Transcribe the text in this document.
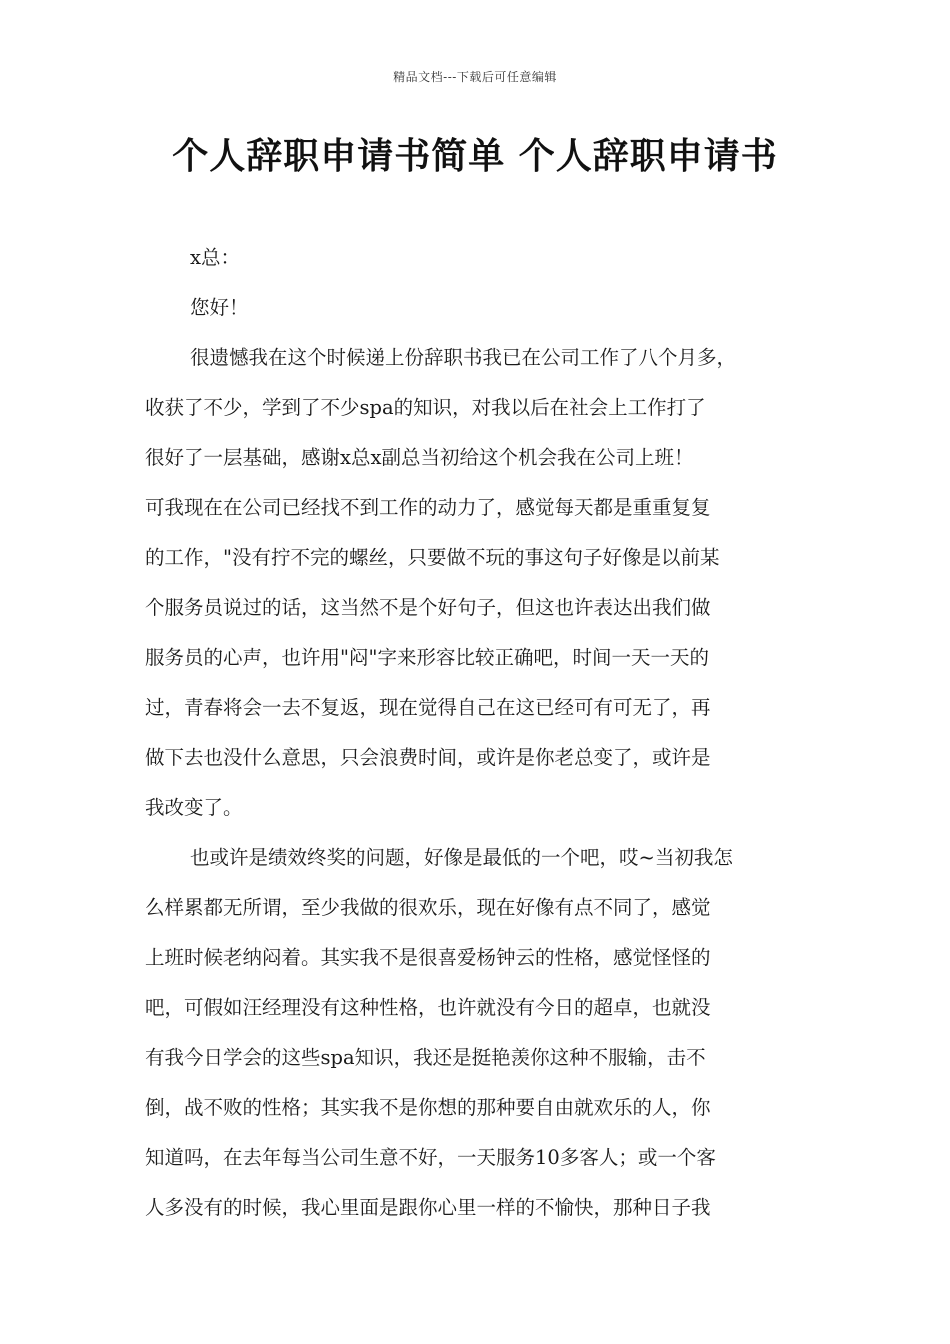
精品文档---下载后可任意编辑
个人辞职申请书简单 个人辞职申请书
x总：
您好！
很遗憾我在这个时候递上份辞职书我已在公司工作了八个月多，
收获了不少，学到了不少spa的知识，对我以后在社会上工作打了
很好了一层基础，感谢x总x副总当初给这个机会我在公司上班！
可我现在在公司已经找不到工作的动力了，感觉每天都是重重复复
的工作，"没有拧不完的螺丝，只要做不玩的事这句子好像是以前某
个服务员说过的话，这当然不是个好句子，但这也许表达出我们做
服务员的心声，也许用"闷"字来形容比较正确吧，时间一天一天的
过，青春将会一去不复返，现在觉得自己在这已经可有可无了，再
做下去也没什么意思，只会浪费时间，或许是你老总变了，或许是
我改变了。
也或许是绩效终奖的问题，好像是最低的一个吧，哎~当初我怎
么样累都无所谓，至少我做的很欢乐，现在好像有点不同了，感觉
上班时候老纳闷着。其实我不是很喜爱杨钟云的性格，感觉怪怪的
吧，可假如汪经理没有这种性格，也许就没有今日的超卓，也就没
有我今日学会的这些spa知识，我还是挺艳羡你这种不服输，击不
倒，战不败的性格；其实我不是你想的那种要自由就欢乐的人，你
知道吗，在去年每当公司生意不好，一天服务10多客人；或一个客
人多没有的时候，我心里面是跟你心里一样的不愉快，那种日子我
